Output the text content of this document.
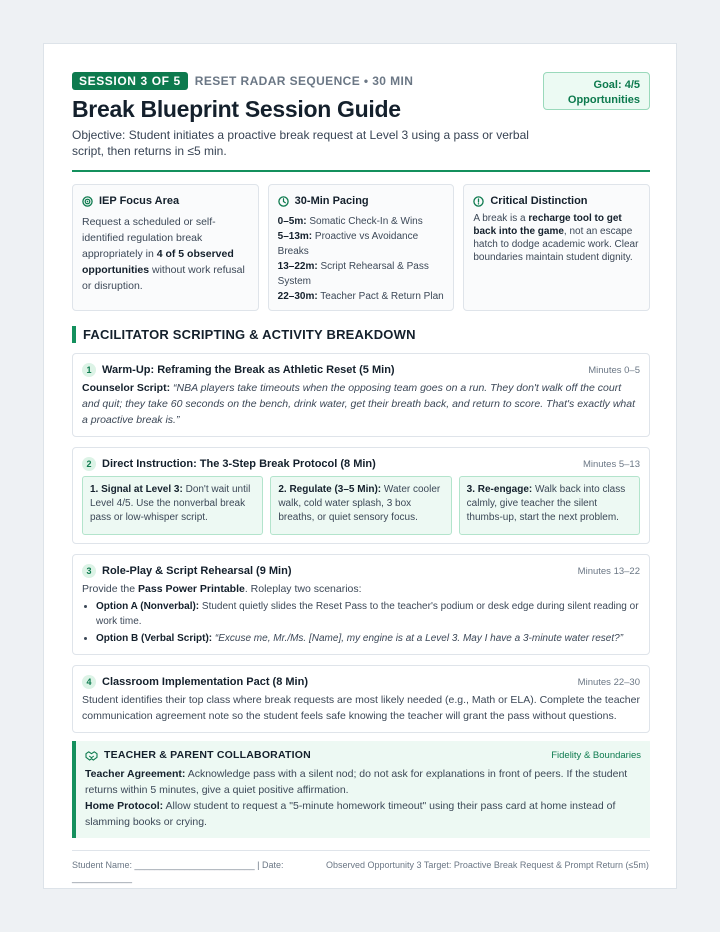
SESSION 3 OF 5	RESET RADAR SEQUENCE • 30 MIN	Goal: 4/5
Opportunities
Break Blueprint Session Guide
Objective: Student initiates a proactive break request at Level 3 using a pass or verbal script, then returns in ≤5 min.
IEP Focus Area
Request a scheduled or self-identified regulation break appropriately in 4 of 5 observed opportunities without work refusal or disruption.
30-Min Pacing
0–5m: Somatic Check-In & Wins
5–13m: Proactive vs Avoidance Breaks
13–22m: Script Rehearsal & Pass System
22–30m: Teacher Pact & Return Plan
Critical Distinction
A break is a recharge tool to get back into the game, not an escape hatch to dodge academic work. Clear boundaries maintain student dignity.
FACILITATOR SCRIPTING & ACTIVITY BREAKDOWN
1 Warm-Up: Reframing the Break as Athletic Reset (5 Min)	Minutes 0–5
Counselor Script: “NBA players take timeouts when the opposing team goes on a run. They don't walk off the court and quit; they take 60 seconds on the bench, drink water, get their breath back, and return to score. That's exactly what a proactive break is.”
2 Direct Instruction: The 3-Step Break Protocol (8 Min)	Minutes 5–13
1. Signal at Level 3: Don't wait until Level 4/5. Use the nonverbal break pass or low-whisper script.
2. Regulate (3–5 Min): Water cooler walk, cold water splash, 3 box breaths, or quiet sensory focus.
3. Re-engage: Walk back into class calmly, give teacher the silent thumbs-up, start the next problem.
3 Role-Play & Script Rehearsal (9 Min)	Minutes 13–22
Provide the Pass Power Printable. Roleplay two scenarios:
• Option A (Nonverbal): Student quietly slides the Reset Pass to the teacher's podium or desk edge during silent reading or work time.
• Option B (Verbal Script): “Excuse me, Mr./Ms. [Name], my engine is at a Level 3. May I have a 3-minute water reset?”
4 Classroom Implementation Pact (8 Min)	Minutes 22–30
Student identifies their top class where break requests are most likely needed (e.g., Math or ELA). Complete the teacher communication agreement note so the student feels safe knowing the teacher will grant the pass without questions.
TEACHER & PARENT COLLABORATION	Fidelity & Boundaries
Teacher Agreement: Acknowledge pass with a silent nod; do not ask for explanations in front of peers. If the student returns within 5 minutes, give a quiet positive affirmation.
Home Protocol: Allow student to request a "5-minute homework timeout" using their pass card at home instead of slamming books or crying.
Student Name: ________________________ | Date: ____________
Observed Opportunity 3 Target: Proactive Break Request & Prompt Return (≤5m)
